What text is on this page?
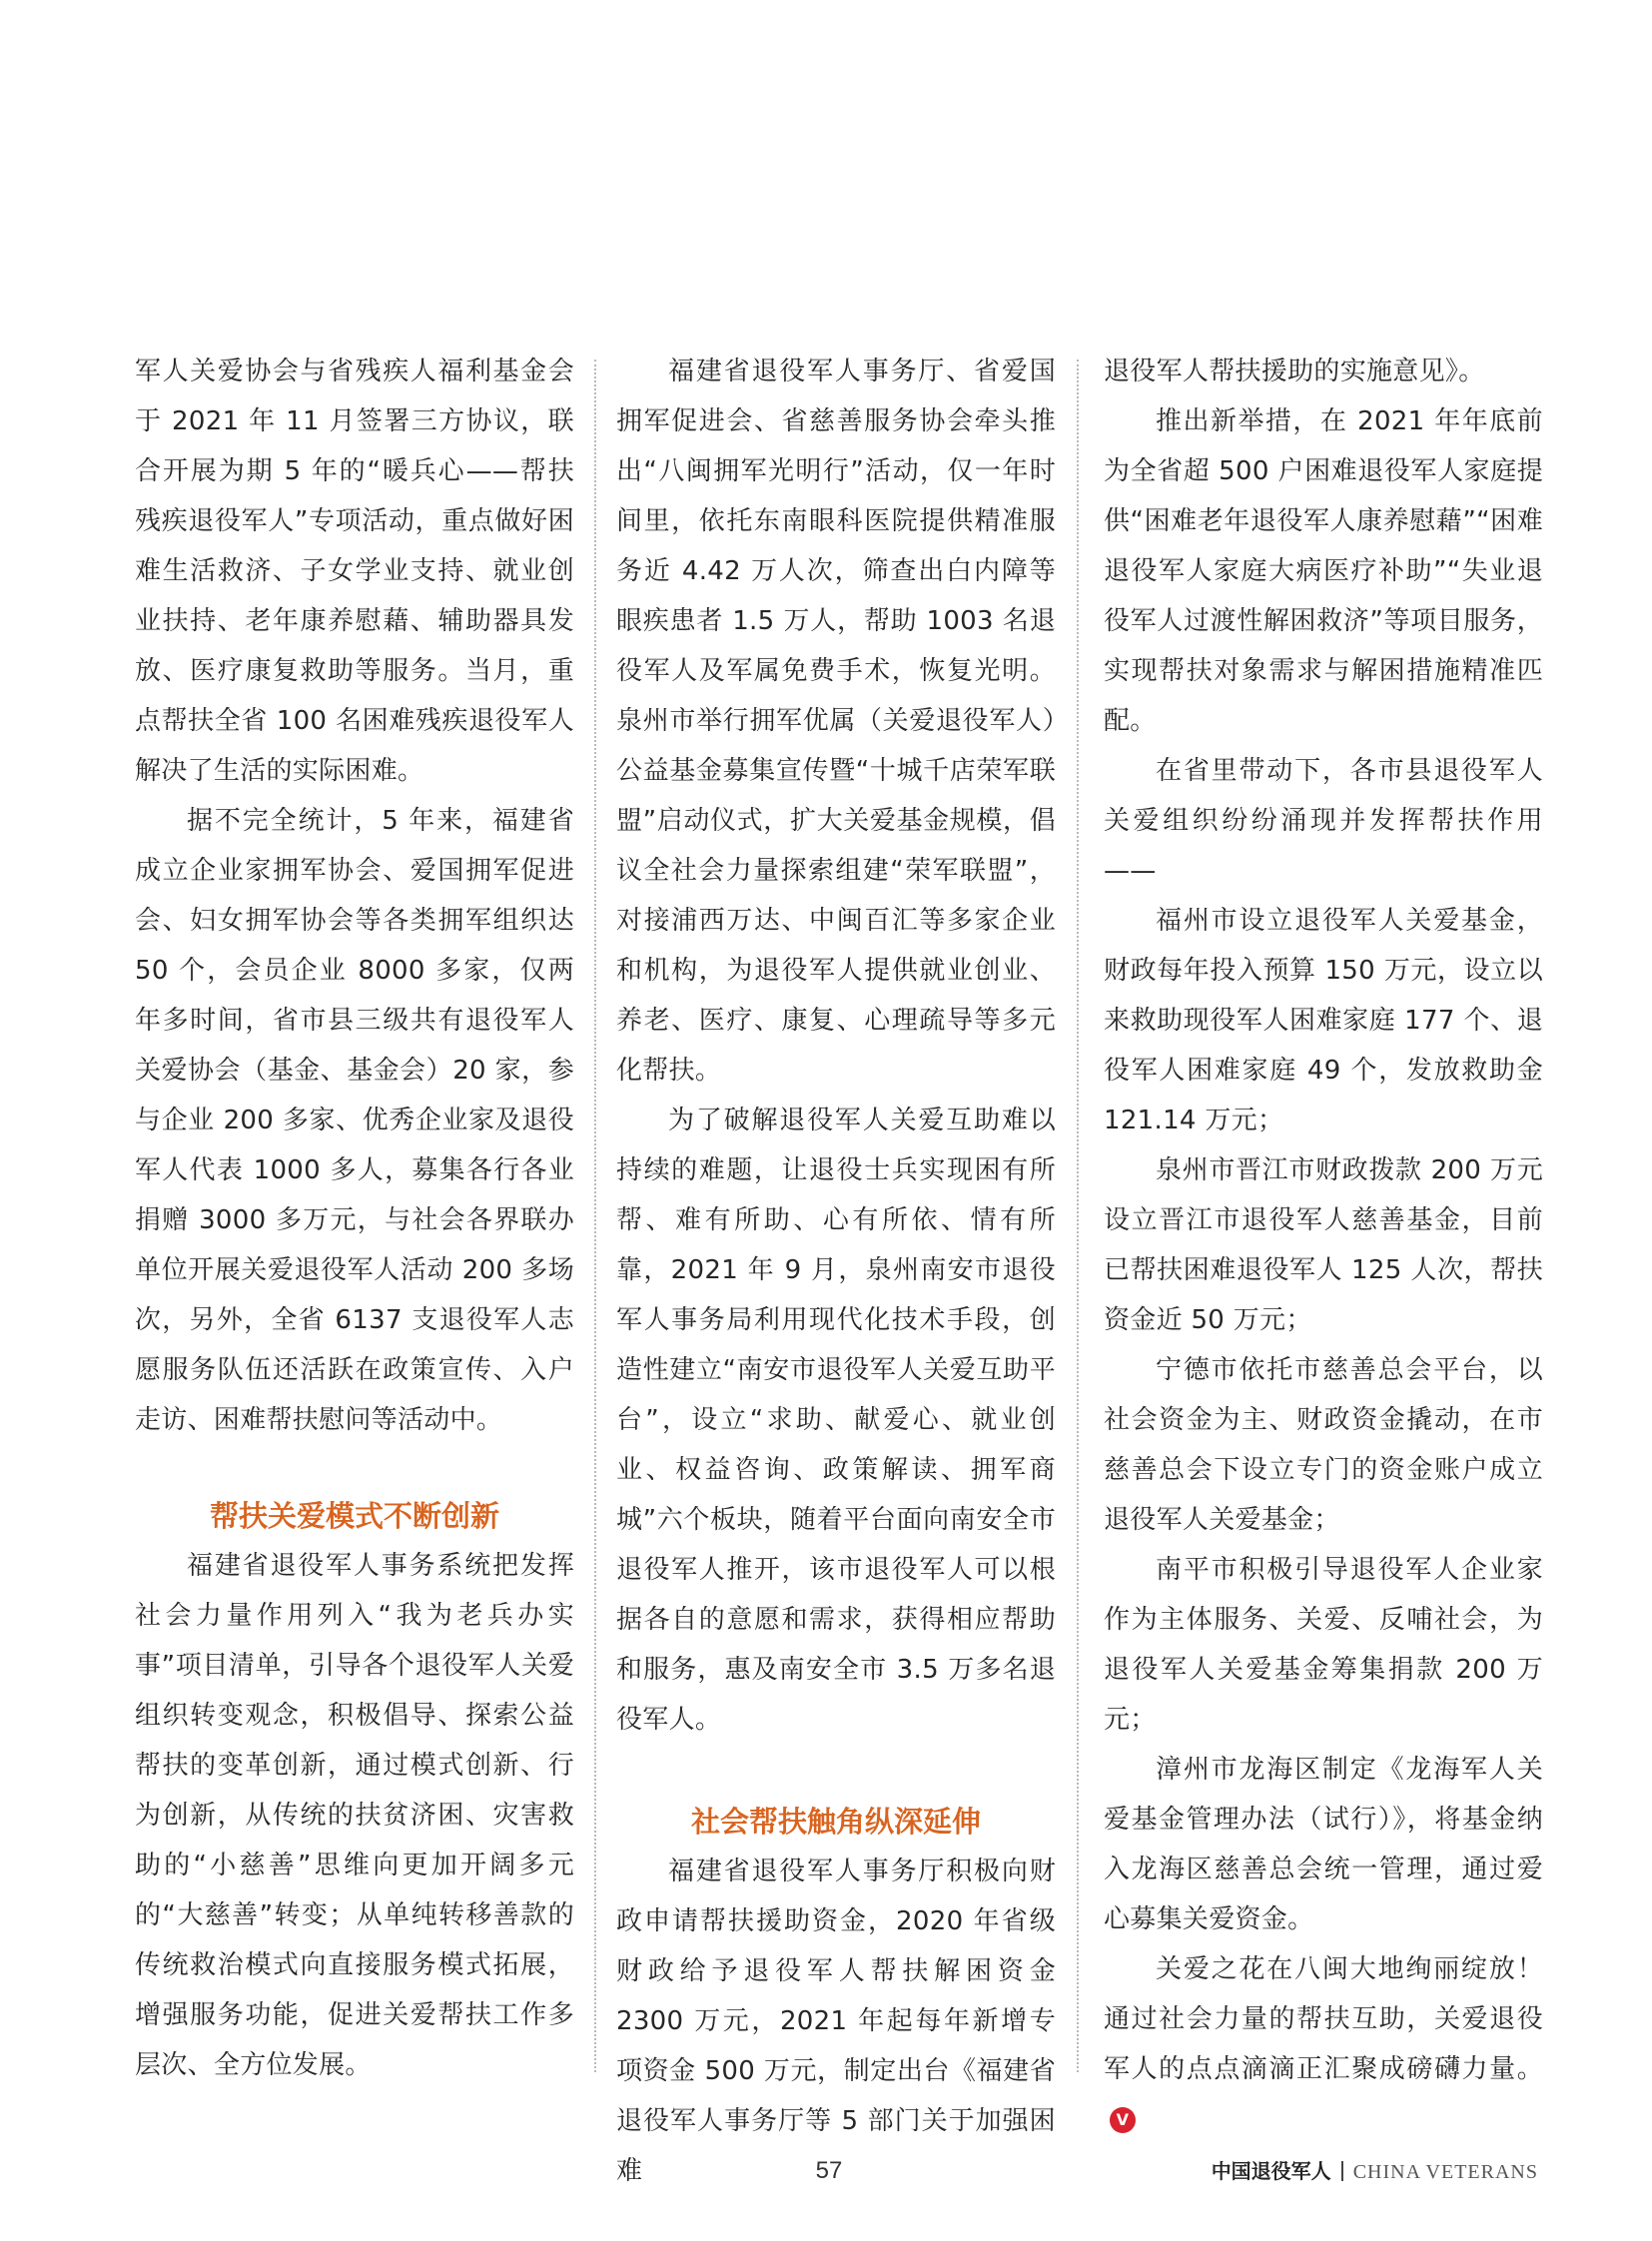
军人关爱协会与省残疾人福利基金会于 2021 年 11 月签署三方协议，联合开展为期 5 年的“暖兵心——帮扶残疾退役军人”专项活动，重点做好困难生活救济、子女学业支持、就业创业扶持、老年康养慰藉、辅助器具发放、医疗康复救助等服务。当月，重点帮扶全省 100 名困难残疾退役军人解决了生活的实际困难。

据不完全统计，5 年来，福建省成立企业家拥军协会、爱国拥军促进会、妇女拥军协会等各类拥军组织达 50 个，会员企业 8000 多家，仅两年多时间，省市县三级共有退役军人关爱协会（基金、基金会）20 家，参与企业 200 多家、优秀企业家及退役军人代表 1000 多人，募集各行各业捐赠 3000 多万元，与社会各界联办单位开展关爱退役军人活动 200 多场次，另外，全省 6137 支退役军人志愿服务队伍还活跃在政策宣传、入户走访、困难帮扶慰问等活动中。

帮扶关爱模式不断创新

福建省退役军人事务系统把发挥社会力量作用列入“我为老兵办实事”项目清单，引导各个退役军人关爱组织转变观念，积极倡导、探索公益帮扶的变革创新，通过模式创新、行为创新，从传统的扶贫济困、灾害救助的“小慈善”思维向更加开阔多元的“大慈善”转变；从单纯转移善款的传统救治模式向直接服务模式拓展，增强服务功能，促进关爱帮扶工作多层次、全方位发展。

福建省退役军人事务厅、省爱国拥军促进会、省慈善服务协会牵头推出“八闽拥军光明行”活动，仅一年时间里，依托东南眼科医院提供精准服务近 4.42 万人次，筛查出白内障等眼疾患者 1.5 万人，帮助 1003 名退役军人及军属免费手术，恢复光明。泉州市举行拥军优属（关爱退役军人）公益基金募集宣传暨“十城千店荣军联盟”启动仪式，扩大关爱基金规模，倡议全社会力量探索组建“荣军联盟”，对接浦西万达、中闽百汇等多家企业和机构，为退役军人提供就业创业、养老、医疗、康复、心理疏导等多元化帮扶。

为了破解退役军人关爱互助难以持续的难题，让退役士兵实现困有所帮、难有所助、心有所依、情有所靠，2021 年 9 月，泉州南安市退役军人事务局利用现代化技术手段，创造性建立“南安市退役军人关爱互助平台”，设立“求助、献爱心、就业创业、权益咨询、政策解读、拥军商城”六个板块，随着平台面向南安全市退役军人推开，该市退役军人可以根据各自的意愿和需求，获得相应帮助和服务，惠及南安全市 3.5 万多名退役军人。

社会帮扶触角纵深延伸

福建省退役军人事务厅积极向财政申请帮扶援助资金，2020 年省级财政给予退役军人帮扶解困资金 2300 万元，2021 年起每年新增专项资金 500 万元，制定出台《福建省退役军人事务厅等 5 部门关于加强困难

退役军人帮扶援助的实施意见》。

推出新举措，在 2021 年年底前为全省超 500 户困难退役军人家庭提供“困难老年退役军人康养慰藉”“困难退役军人家庭大病医疗补助”“失业退役军人过渡性解困救济”等项目服务，实现帮扶对象需求与解困措施精准匹配。

在省里带动下，各市县退役军人关爱组织纷纷涌现并发挥帮扶作用——

福州市设立退役军人关爱基金，财政每年投入预算 150 万元，设立以来救助现役军人困难家庭 177 个、退役军人困难家庭 49 个，发放救助金 121.14 万元；

泉州市晋江市财政拨款 200 万元设立晋江市退役军人慈善基金，目前已帮扶困难退役军人 125 人次，帮扶资金近 50 万元；

宁德市依托市慈善总会平台，以社会资金为主、财政资金撬动，在市慈善总会下设立专门的资金账户成立退役军人关爱基金；

南平市积极引导退役军人企业家作为主体服务、关爱、反哺社会，为退役军人关爱基金筹集捐款 200 万元；

漳州市龙海区制定《龙海军人关爱基金管理办法（试行）》，将基金纳入龙海区慈善总会统一管理，通过爱心募集关爱资金。

关爱之花在八闽大地绚丽绽放！通过社会力量的帮扶互助，关爱退役军人的点点滴滴正汇聚成磅礴力量。V

57	中国退役军人 CHINA VETERANS
